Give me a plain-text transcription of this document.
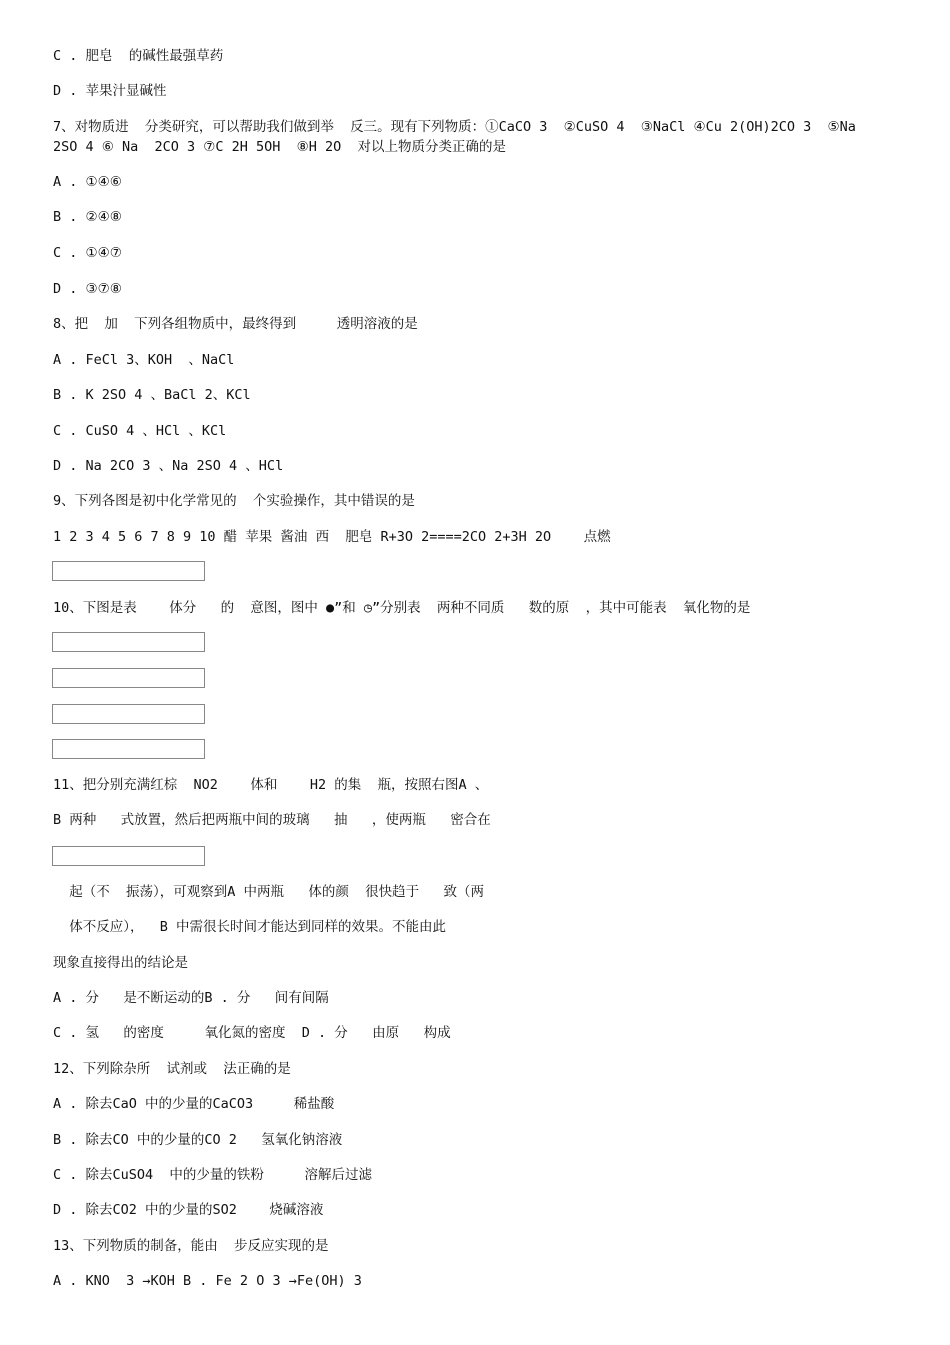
C . 肥皂  的碱性最强草药
D . 苹果汁显碱性
7、对物质进  分类研究，可以帮助我们做到举  反三。现有下列物质：①CaCO 3  ②CuSO 4  ③NaCl ④Cu 2(OH)2CO 3  ⑤Na
2SO 4 ⑥ Na  2CO 3 ⑦C 2H 5OH  ⑧H 2O  对以上物质分类正确的是
A . ①④⑥
B . ②④⑧
C . ①④⑦
D . ③⑦⑧
8、把  加  下列各组物质中，最终得到     透明溶液的是
A . FeCl 3、KOH  、NaCl
B . K 2SO 4 、BaCl 2、KCl
C . CuSO 4 、HCl 、KCl
D . Na 2CO 3 、Na 2SO 4 、HCl
9、下列各图是初中化学常见的  个实验操作，其中错误的是
1 2 3 4 5 6 7 8 9 10 醋 苹果 酱油 西  肥皂 R+3O 2====2CO 2+3H 2O    点燃
10、下图是表    体分   的  意图，图中 ●”和 ◷”分别表  两种不同质   数的原  ，其中可能表  氧化物的是
11、把分别充满红棕  NO2    体和    H2 的集  瓶，按照右图A 、
B 两种   式放置，然后把两瓶中间的玻璃   抽   ，使两瓶   密合在
起（不  振荡），可观察到A 中两瓶   体的颜  很快趋于   致（两
体不反应），  B 中需很长时间才能达到同样的效果。不能由此
现象直接得出的结论是
A . 分   是不断运动的B . 分   间有间隔
C . 氢   的密度     氧化氮的密度  D . 分   由原   构成
12、下列除杂所  试剂或  法正确的是
A . 除去CaO 中的少量的CaCO3     稀盐酸
B . 除去CO 中的少量的CO 2   氢氧化钠溶液
C . 除去CuSO4  中的少量的铁粉     溶解后过滤
D . 除去CO2 中的少量的SO2    烧碱溶液
13、下列物质的制备，能由  步反应实现的是
A . KNO  3 →KOH B . Fe 2 O 3 →Fe(OH) 3
